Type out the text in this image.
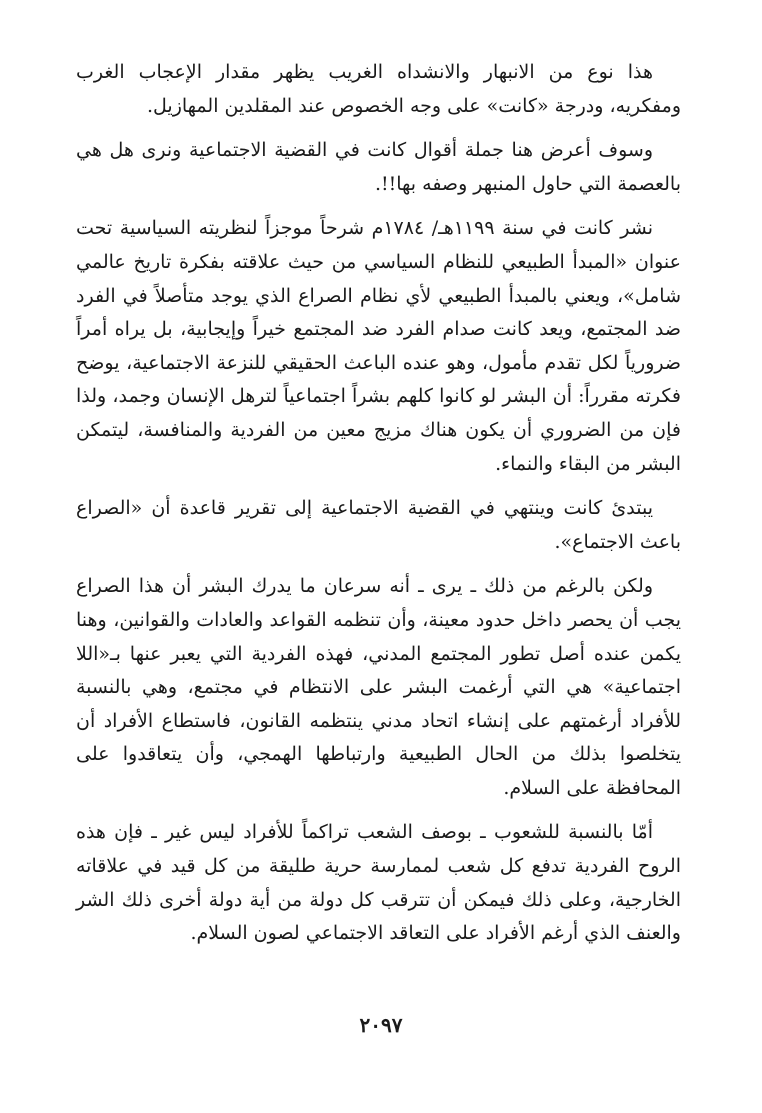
هذا نوع من الانبهار والانشداه الغريب يظهر مقدار الإعجاب الغرب ومفكريه، ودرجة «كانت» على وجه الخصوص عند المقلدين المهازيل.

وسوف أعرض هنا جملة أقوال كانت في القضية الاجتماعية ونرى هل هي بالعصمة التي حاول المنبهر وصفه بها!!.

نشر كانت في سنة ١١٩٩هـ/ ١٧٨٤م شرحاً موجزاً لنظريته السياسية تحت عنوان «المبدأ الطبيعي للنظام السياسي من حيث علاقته بفكرة تاريخ عالمي شامل»، ويعني بالمبدأ الطبيعي لأي نظام الصراع الذي يوجد متأصلاً في الفرد ضد المجتمع، ويعد كانت صدام الفرد ضد المجتمع خيراً وإيجابية، بل يراه أمراً ضرورياً لكل تقدم مأمول، وهو عنده الباعث الحقيقي للنزعة الاجتماعية، يوضح فكرته مقرراً: أن البشر لو كانوا كلهم بشراً اجتماعياً لترهل الإنسان وجمد، ولذا فإن من الضروري أن يكون هناك مزيج معين من الفردية والمنافسة، ليتمكن البشر من البقاء والنماء.

يبتدئ كانت وينتهي في القضية الاجتماعية إلى تقرير قاعدة أن «الصراع باعث الاجتماع».

ولكن بالرغم من ذلك ـ يرى ـ أنه سرعان ما يدرك البشر أن هذا الصراع يجب أن يحصر داخل حدود معينة، وأن تنظمه القواعد والعادات والقوانين، وهنا يكمن عنده أصل تطور المجتمع المدني، فهذه الفردية التي يعبر عنها بـ«اللا اجتماعية» هي التي أرغمت البشر على الانتظام في مجتمع، وهي بالنسبة للأفراد أرغمتهم على إنشاء اتحاد مدني ينتظمه القانون، فاستطاع الأفراد أن يتخلصوا بذلك من الحال الطبيعية وارتباطها الهمجي، وأن يتعاقدوا على المحافظة على السلام.

أمّا بالنسبة للشعوب ـ بوصف الشعب تراكماً للأفراد ليس غير ـ فإن هذه الروح الفردية تدفع كل شعب لممارسة حرية طليقة من كل قيد في علاقاته الخارجية، وعلى ذلك فيمكن أن تترقب كل دولة من أية دولة أخرى ذلك الشر والعنف الذي أرغم الأفراد على التعاقد الاجتماعي لصون السلام.

٢٠٩٧
